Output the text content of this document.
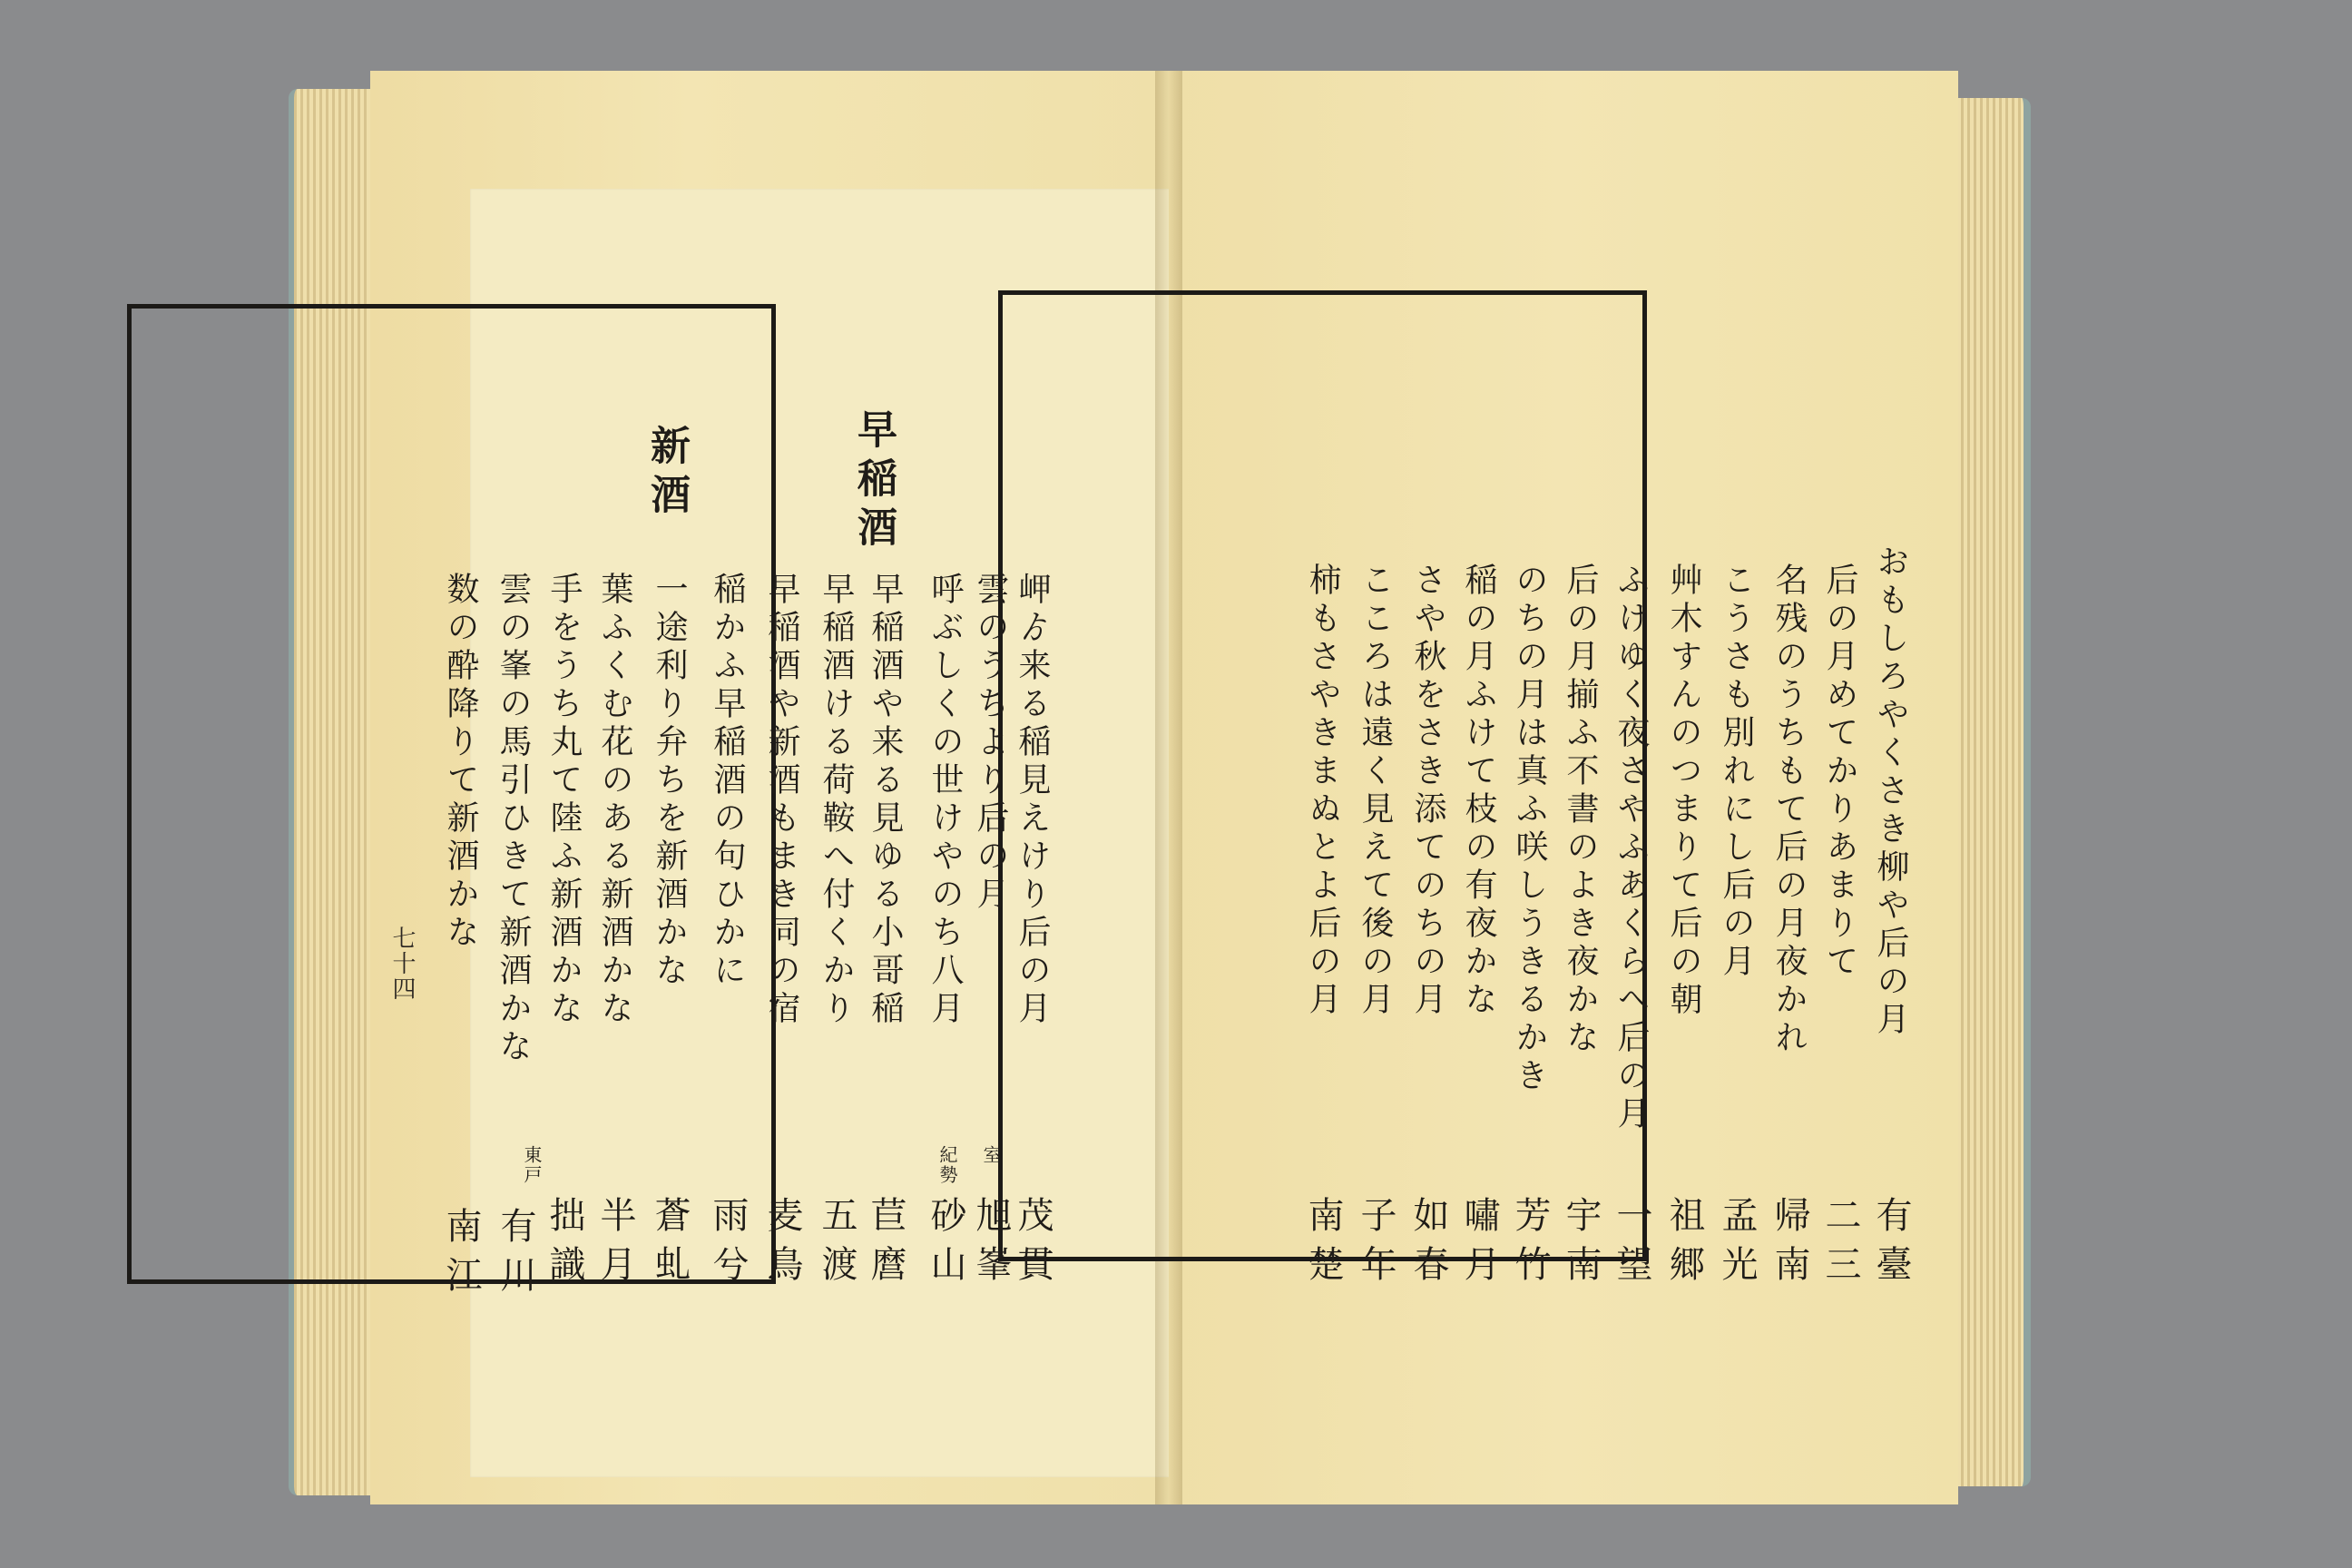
早稲酒
新酒
岬ゟ来る稲見えけり后の月
茂貫
雲のうちより后の月
室
旭峯
呼ぶしくの世けやのち八月
紀勢
砂山
早稲酒や来る見ゆる小哥稲
苣麿
早稲酒ける荷鞍へ付くかり
五渡
早稲酒や新酒もまき同の宿
麦鳥
稲かふ早稲酒の句ひかに
雨兮
一途利り弁ちを新酒かな
蒼虬
葉ふくむ花のある新酒かな
半月
手をうち丸て陸ふ新酒かな
拙識
雲の峯の馬引ひきて新酒かな
東戸
有川
数の酔降りて新酒かな
南江
七十四	おもしろやくさき柳や后の月
有臺
后の月めてかりあまりて
二三
名残のうちもて后の月夜かれ
帰南
こうさも別れにし后の月
孟光
艸木すんのつまりて后の朝
祖郷
ふけゆく夜さやふあくらへ后の月
一望
后の月揃ふ不書のよき夜かな
宇南
のちの月は真ふ咲しうきるかき
芳竹
稲の月ふけて枝の有夜かな
嘯月
さや秋をさき添てのちの月
如春
こころは遠く見えて後の月
子年
柿もさやきまぬとよ后の月
南楚
